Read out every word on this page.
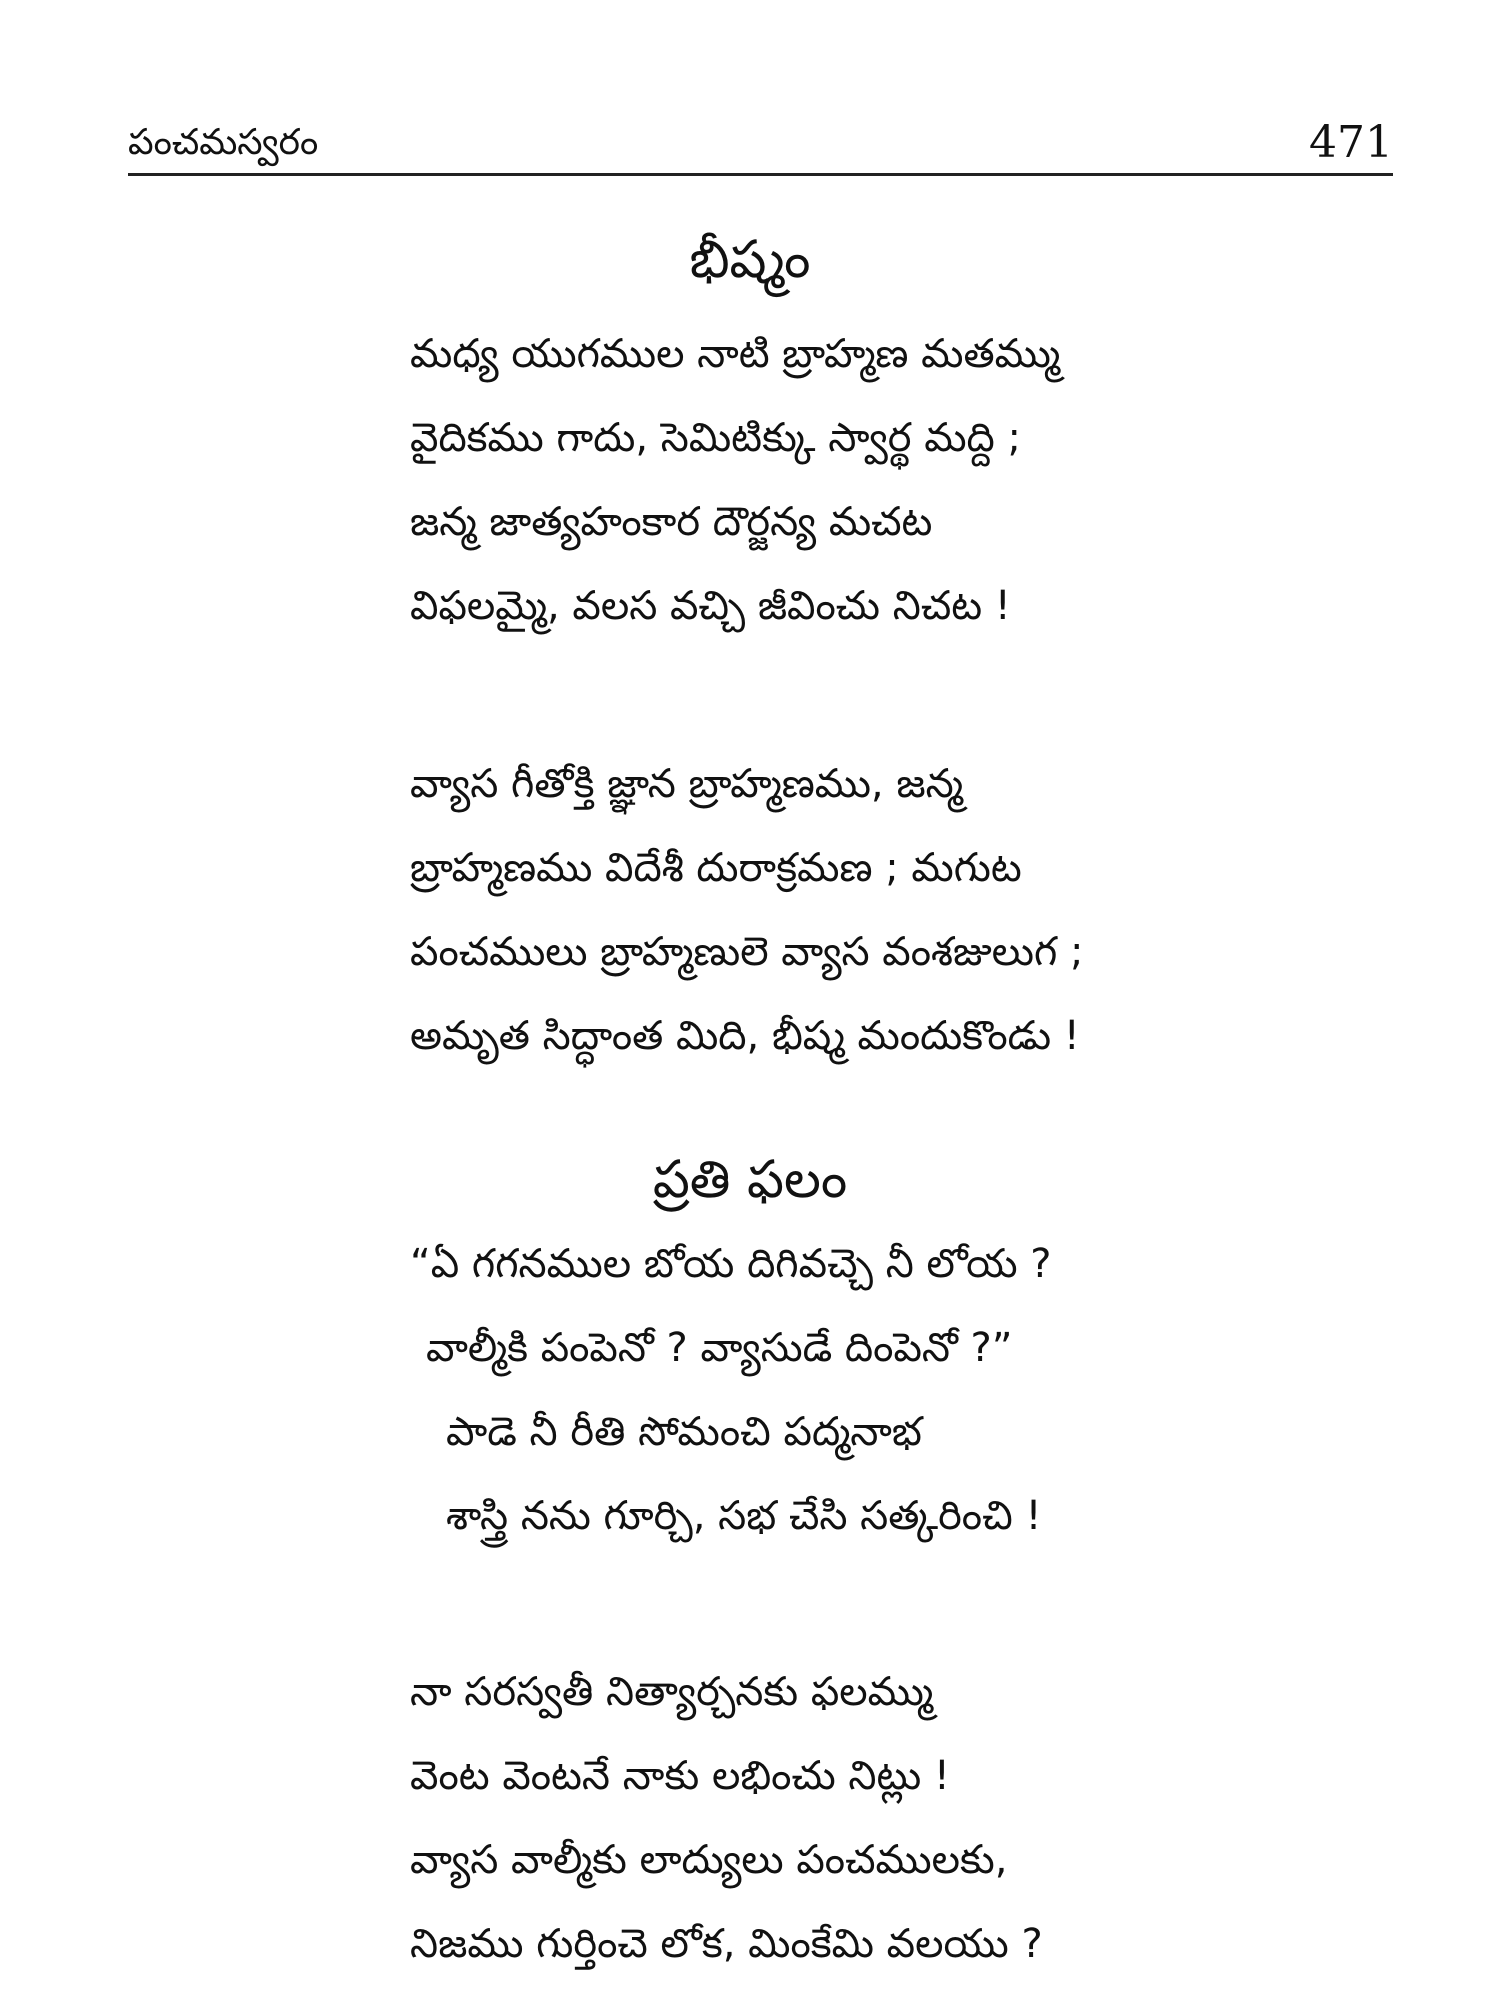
పంచమస్వరం	471
భీష్మం
మధ్య యుగముల నాటి బ్రాహ్మణ మతమ్ము
వైదికము గాదు, సెమిటిక్కు స్వార్థ మద్ది ;
జన్మ జాత్యహంకార దౌర్జన్య మచట
విఫలమ్మై, వలస వచ్చి జీవించు నిచట !
వ్యాస గీతోక్తి జ్ఞాన బ్రాహ్మణము, జన్మ
బ్రాహ్మణము విదేశీ దురాక్రమణ ; మగుట
పంచములు బ్రాహ్మణులె వ్యాస వంశజులుగ ;
అమృత సిద్ధాంత మిది, భీష్మ మందుకొండు !
ప్రతి ఫలం
“ఏ గగనముల బోయ దిగివచ్చె నీ లోయ ?
వాల్మీకి పంపెనో ? వ్యాసుడే దింపెనో ?”
పాడె నీ రీతి సోమంచి పద్మనాభ
శాస్త్రి నను గూర్చి, సభ చేసి సత్కరించి !
నా సరస్వతీ నిత్యార్చనకు ఫలమ్ము
వెంట వెంటనే నాకు లభించు నిట్లు !
వ్యాస వాల్మీకు లాద్యులు పంచములకు,
నిజము గుర్తించె లోక, మింకేమి వలయు ?
